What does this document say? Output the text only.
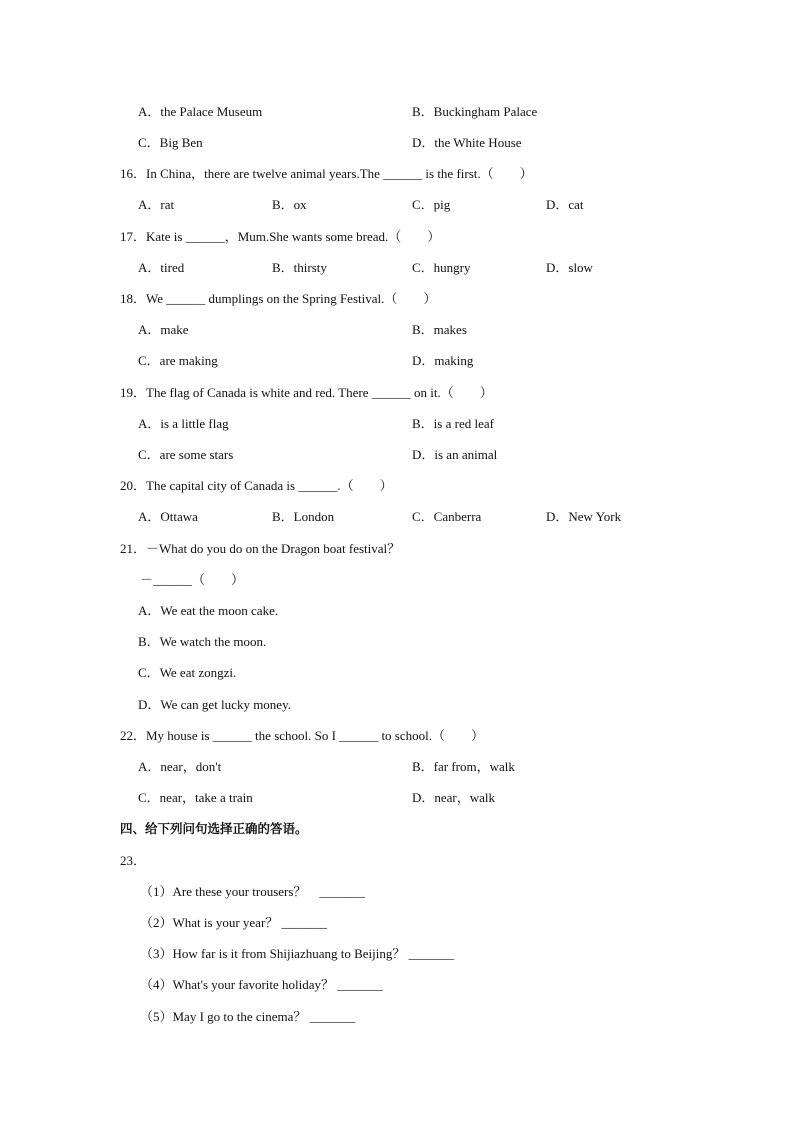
A．the Palace Museum	B．Buckingham Palace
C．Big Ben	D．the White House
16．In China，there are twelve animal years.The ______ is the first.（　　）
A．rat	B．ox	C．pig	D．cat
17．Kate is ______，Mum.She wants some bread.（　　）
A．tired	B．thirsty	C．hungry	D．slow
18．We ______ dumplings on the Spring Festival.（　　）
A．make	B．makes
C．are making	D．making
19．The flag of Canada is white and red. There ______ on it.（　　）
A．is a little flag	B．is a red leaf
C．are some stars	D．is an animal
20．The capital city of Canada is ______.（　　）
A．Ottawa	B．London	C．Canberra	D．New York
21．－What do you do on the Dragon boat festival？
－______（　　）
A．We eat the moon cake.
B．We watch the moon.
C．We eat zongzi.
D．We can get lucky money.
22．My house is ______ the school. So I ______ to school.（　　）
A．near，don't	B．far from，walk
C．near，take a train	D．near，walk
四、给下列问句选择正确的答语。
23．
（1）Are these your trousers？　_______
（2）What is your year？ _______
（3）How far is it from Shijiazhuang to Beijing？ _______
（4）What's your favorite holiday？ _______
（5）May I go to the cinema？ _______
